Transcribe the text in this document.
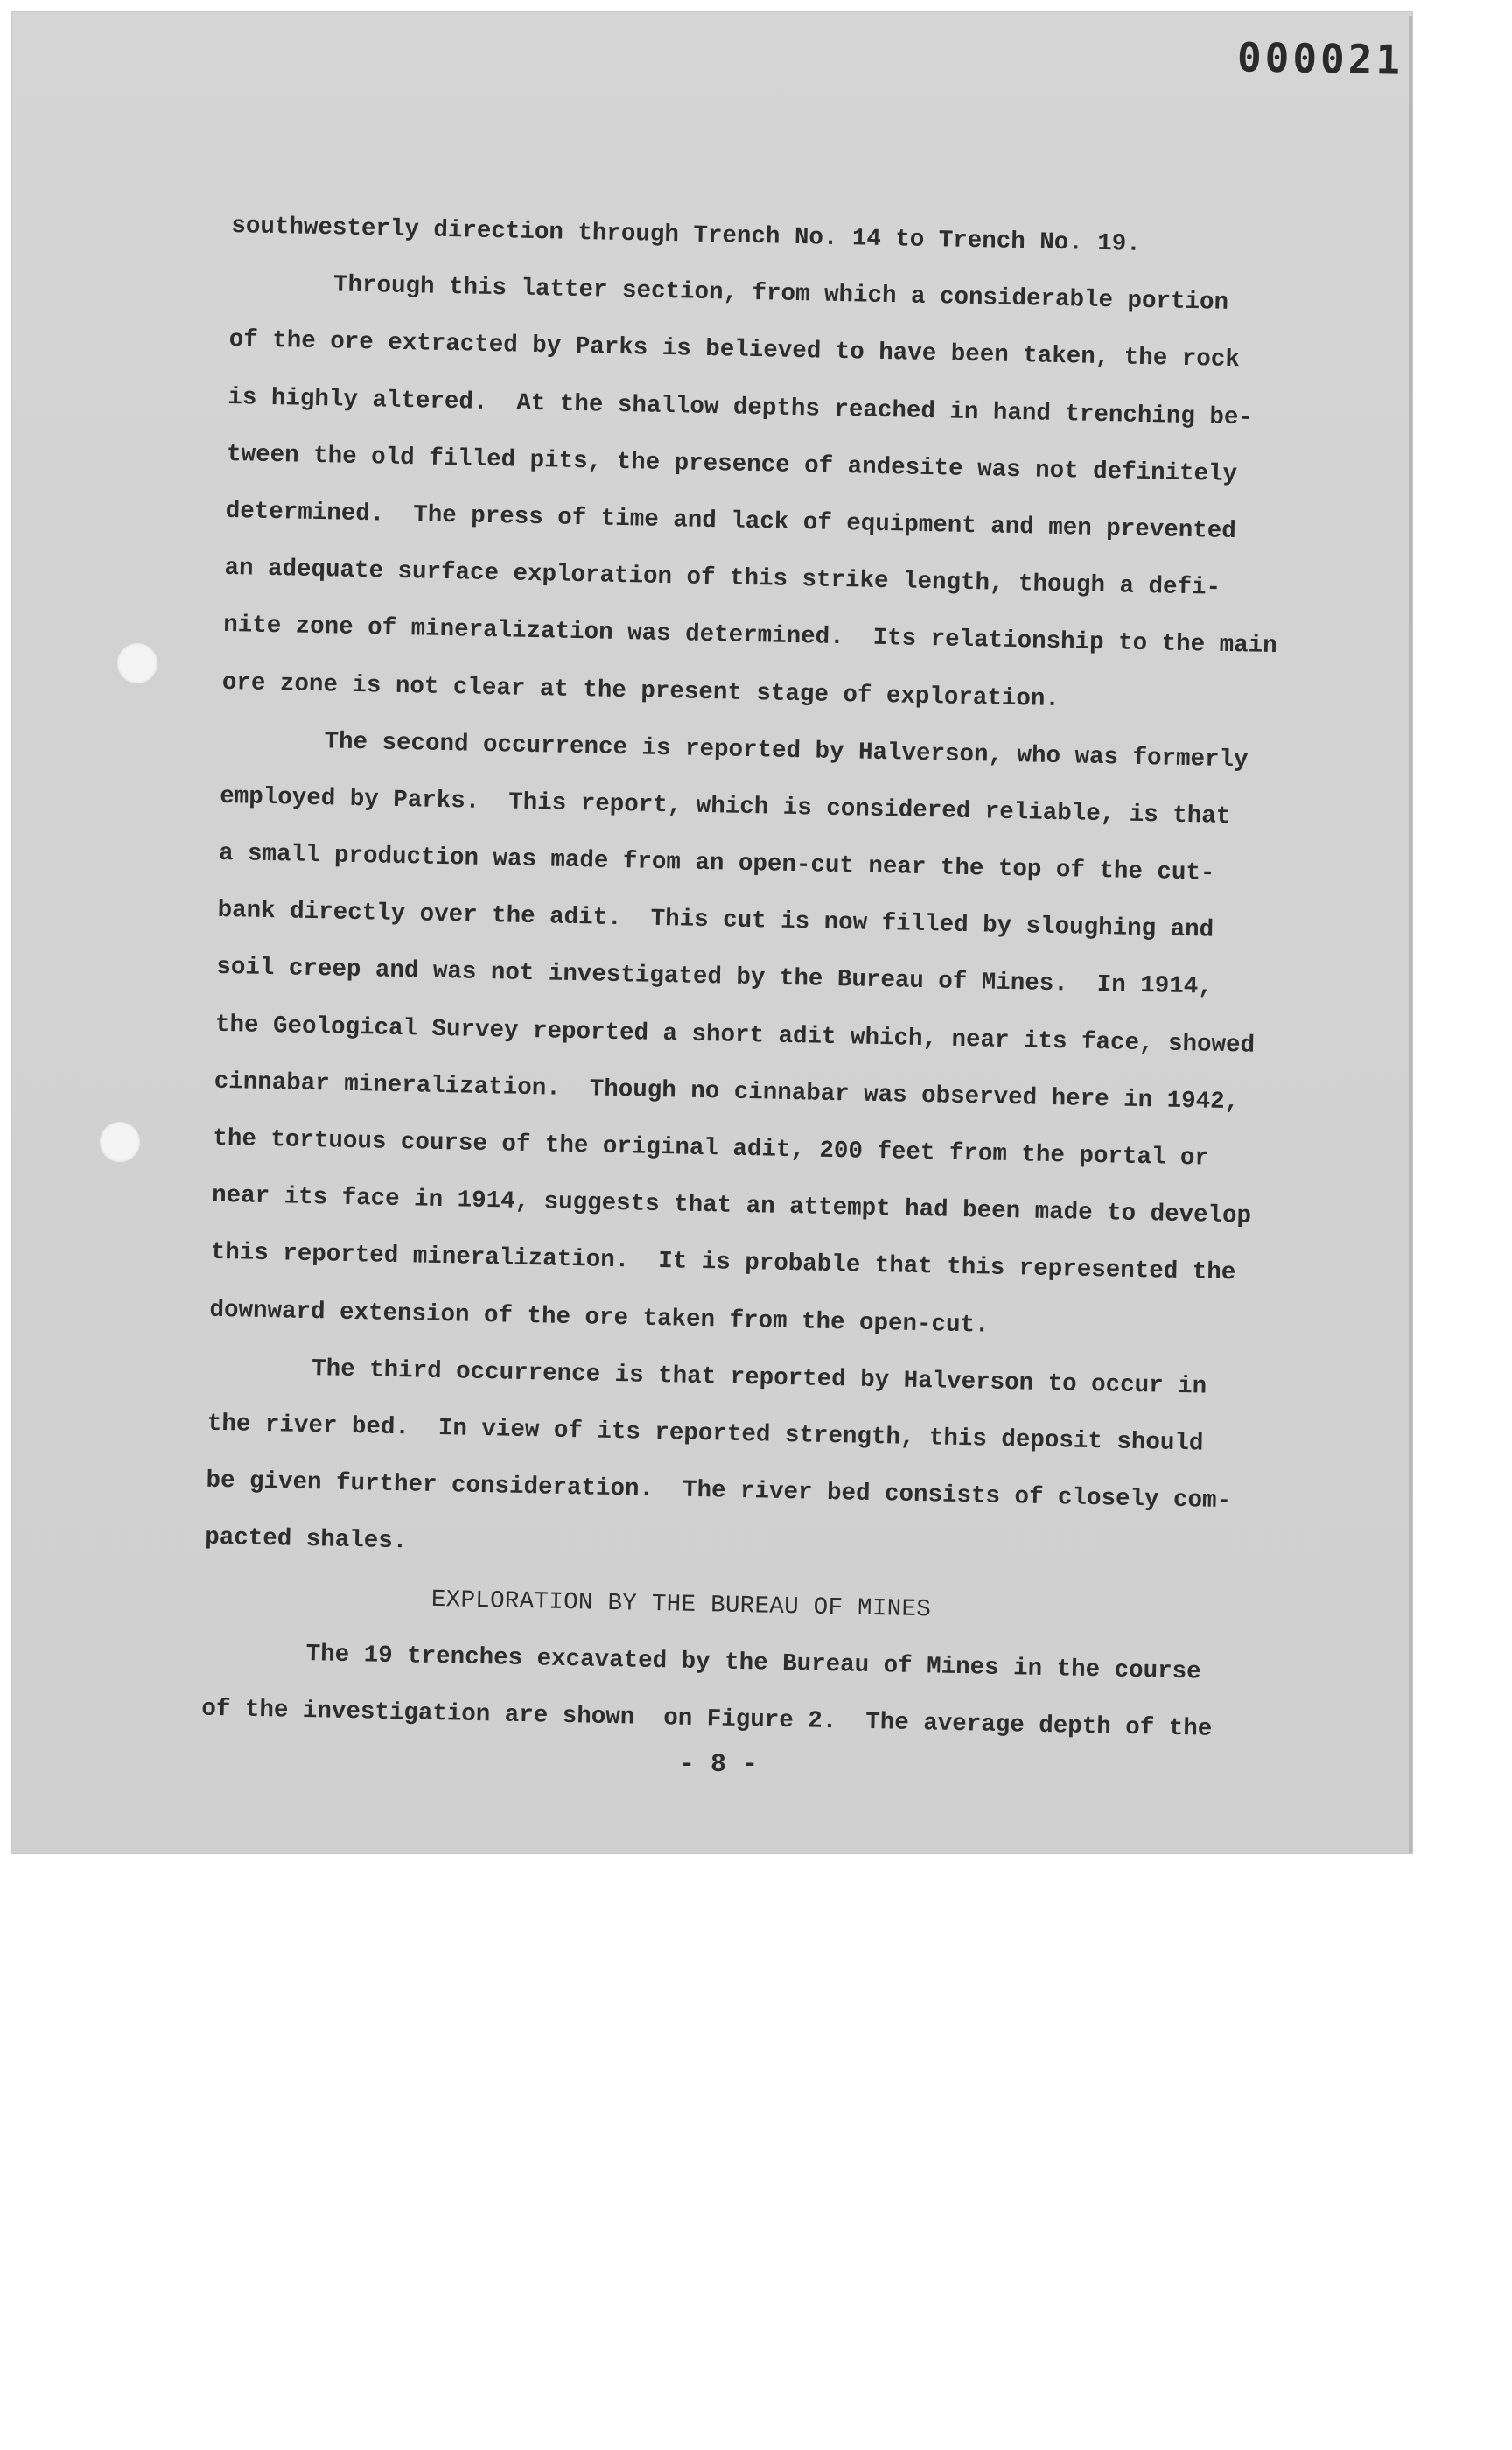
000021
southwesterly direction through Trench No. 14 to Trench No. 19.
Through this latter section, from which a considerable portion
of the ore extracted by Parks is believed to have been taken, the rock
is highly altered.  At the shallow depths reached in hand trenching be-
tween the old filled pits, the presence of andesite was not definitely
determined.  The press of time and lack of equipment and men prevented
an adequate surface exploration of this strike length, though a defi-
nite zone of mineralization was determined.  Its relationship to the main
ore zone is not clear at the present stage of exploration.
The second occurrence is reported by Halverson, who was formerly
employed by Parks.  This report, which is considered reliable, is that
a small production was made from an open-cut near the top of the cut-
bank directly over the adit.  This cut is now filled by sloughing and
soil creep and was not investigated by the Bureau of Mines.  In 1914,
the Geological Survey reported a short adit which, near its face, showed
cinnabar mineralization.  Though no cinnabar was observed here in 1942,
the tortuous course of the original adit, 200 feet from the portal or
near its face in 1914, suggests that an attempt had been made to develop
this reported mineralization.  It is probable that this represented the
downward extension of the ore taken from the open-cut.
The third occurrence is that reported by Halverson to occur in
the river bed.  In view of its reported strength, this deposit should
be given further consideration.  The river bed consists of closely com-
pacted shales.
EXPLORATION BY THE BUREAU OF MINES
The 19 trenches excavated by the Bureau of Mines in the course
of the investigation are shown  on Figure 2.  The average depth of the
- 8 -
